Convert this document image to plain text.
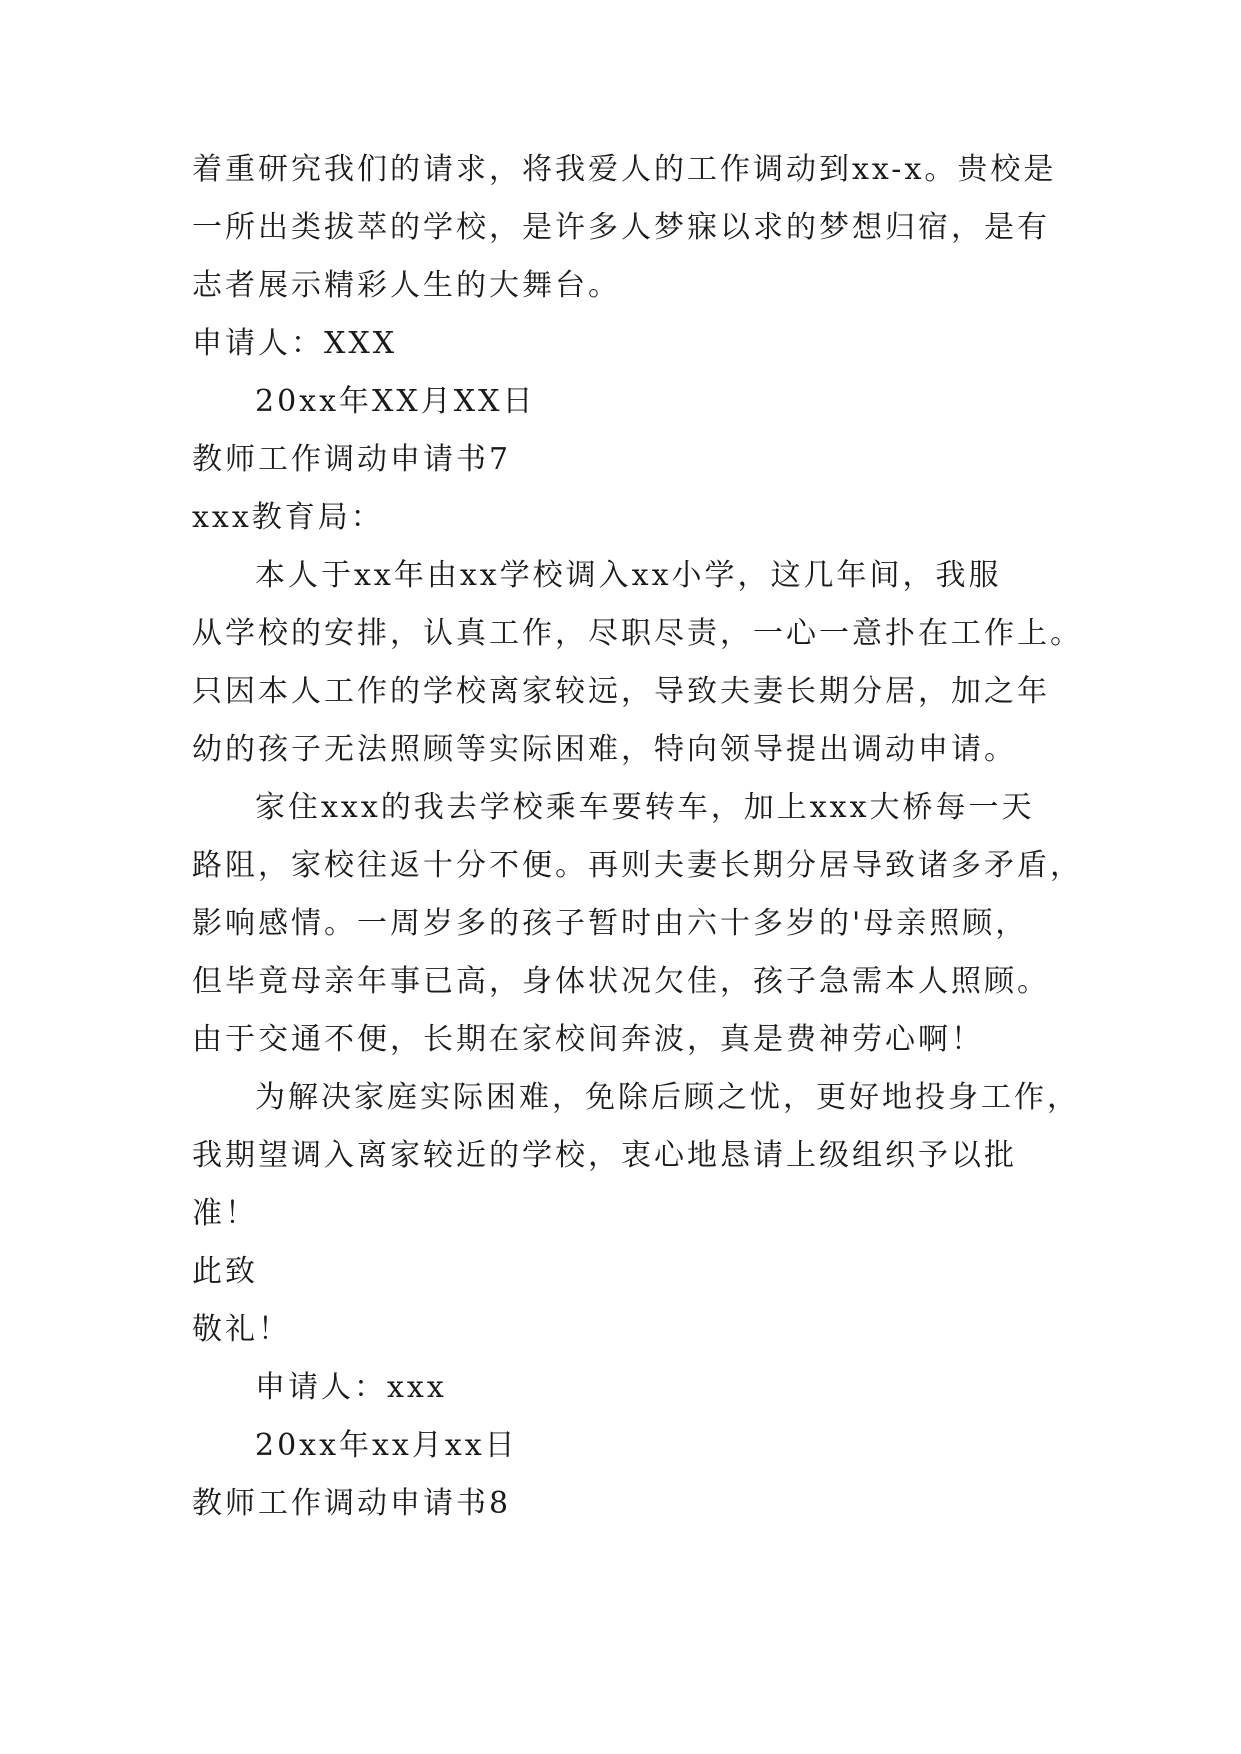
着重研究我们的请求，将我爱人的工作调动到xx-x。贵校是
一所出类拔萃的学校，是许多人梦寐以求的梦想归宿，是有
志者展示精彩人生的大舞台。
申请人：XXX
20xx年XX月XX日
教师工作调动申请书7
xxx教育局：
本人于xx年由xx学校调入xx小学，这几年间，我服
从学校的安排，认真工作，尽职尽责，一心一意扑在工作上。
只因本人工作的学校离家较远，导致夫妻长期分居，加之年
幼的孩子无法照顾等实际困难，特向领导提出调动申请。
家住xxx的我去学校乘车要转车，加上xxx大桥每一天
路阻，家校往返十分不便。再则夫妻长期分居导致诸多矛盾，
影响感情。一周岁多的孩子暂时由六十多岁的'母亲照顾，
但毕竟母亲年事已高，身体状况欠佳，孩子急需本人照顾。
由于交通不便，长期在家校间奔波，真是费神劳心啊！
为解决家庭实际困难，免除后顾之忧，更好地投身工作，
我期望调入离家较近的学校，衷心地恳请上级组织予以批
准！
此致
敬礼！
申请人：xxx
20xx年xx月xx日
教师工作调动申请书8
